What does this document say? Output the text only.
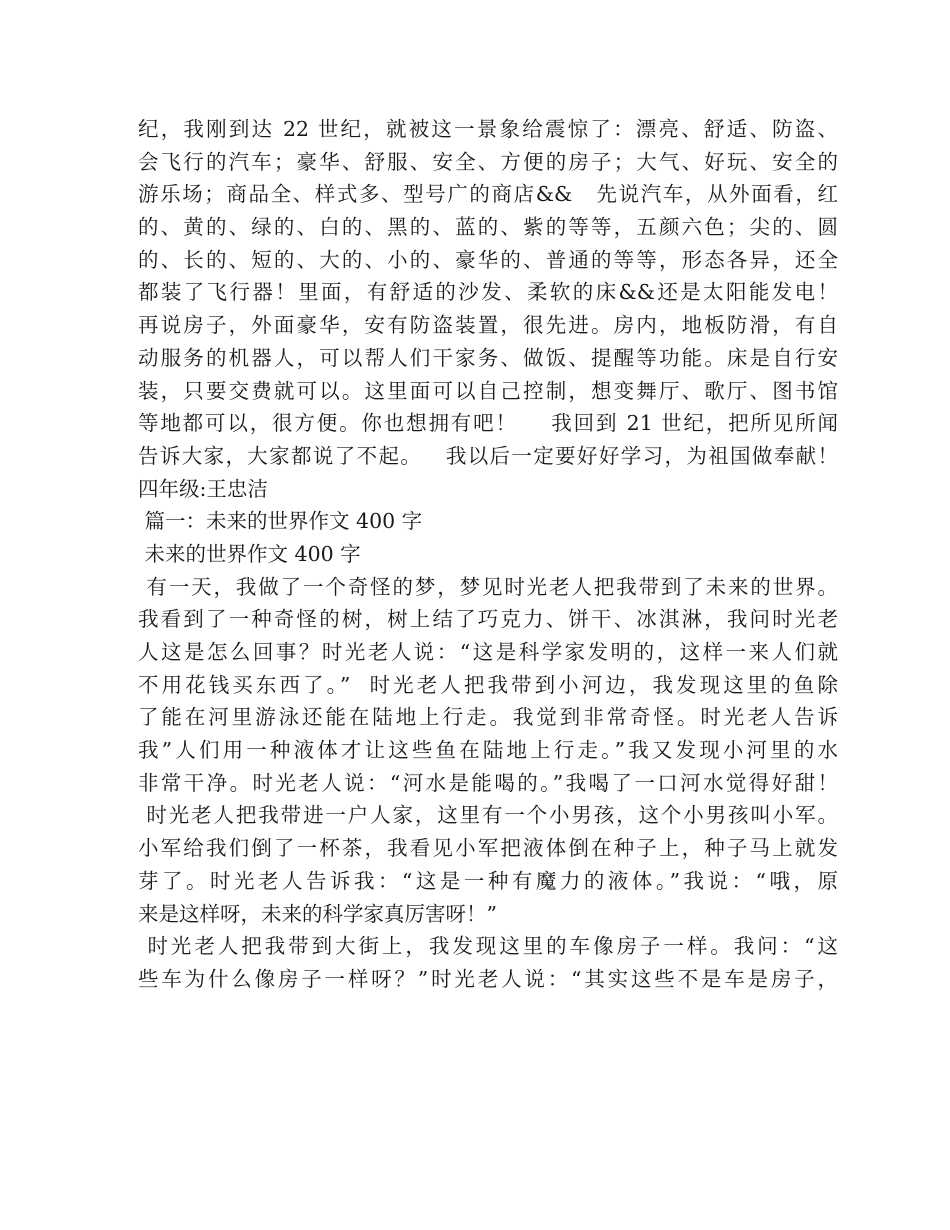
纪，我刚到达 22 世纪，就被这一景象给震惊了：漂亮、舒适、防盗、
会飞行的汽车；豪华、舒服、安全、方便的房子；大气、好玩、安全的
游乐场；商品全、样式多、型号广的商店&&   先说汽车，从外面看，红
的、黄的、绿的、白的、黑的、蓝的、紫的等等，五颜六色；尖的、圆
的、长的、短的、大的、小的、豪华的、普通的等等，形态各异，还全
都装了飞行器！里面，有舒适的沙发、柔软的床&&还是太阳能发电！
再说房子，外面豪华，安有防盗装置，很先进。房内，地板防滑，有自
动服务的机器人，可以帮人们干家务、做饭、提醒等功能。床是自行安
装，只要交费就可以。这里面可以自己控制，想变舞厅、歌厅、图书馆
等地都可以，很方便。你也想拥有吧！    我回到 21 世纪，把所见所闻
告诉大家，大家都说了不起。   我以后一定要好好学习，为祖国做奉献！
四年级:王忠洁
篇一：未来的世界作文 400 字
未来的世界作文 400 字
有一天，我做了一个奇怪的梦，梦见时光老人把我带到了未来的世界。
我看到了一种奇怪的树，树上结了巧克力、饼干、冰淇淋，我问时光老
人这是怎么回事？时光老人说：“这是科学家发明的，这样一来人们就
不用花钱买东西了。”  时光老人把我带到小河边，我发现这里的鱼除
了能在河里游泳还能在陆地上行走。我觉到非常奇怪。时光老人告诉
我”人们用一种液体才让这些鱼在陆地上行走。”我又发现小河里的水
非常干净。时光老人说：“河水是能喝的。”我喝了一口河水觉得好甜！
时光老人把我带进一户人家，这里有一个小男孩，这个小男孩叫小军。
小军给我们倒了一杯茶，我看见小军把液体倒在种子上，种子马上就发
芽了。时光老人告诉我：“这是一种有魔力的液体。”我说：“哦，原
来是这样呀，未来的科学家真厉害呀！”
时光老人把我带到大街上，我发现这里的车像房子一样。我问：“这
些车为什么像房子一样呀？”时光老人说：“其实这些不是车是房子，
